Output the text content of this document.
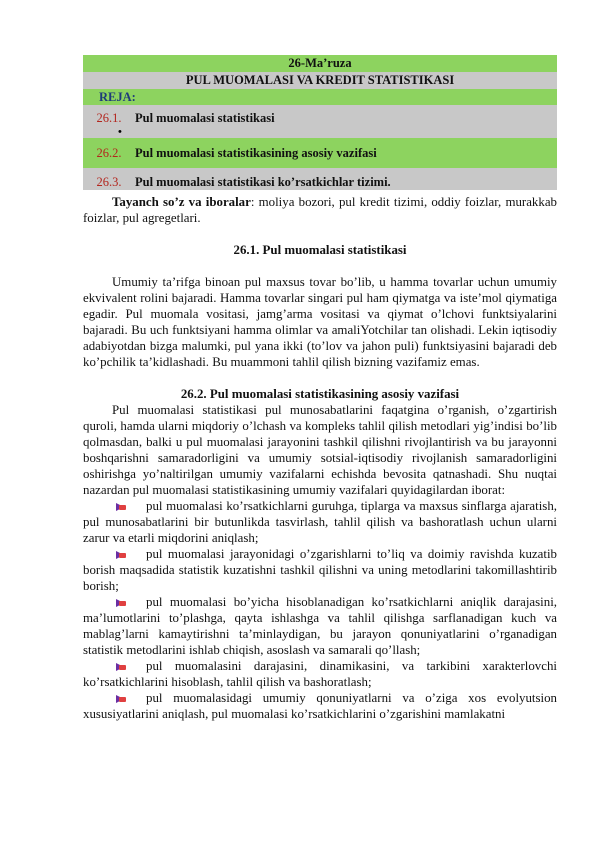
26-Ma’ruza
PUL MUOMALASI VA KREDIT STATISTIKASI
REJA:
26.1.	Pul muomalasi statistikasi
•
26.2.	Pul muomalasi statistikasining asosiy vazifasi
26.3.	Pul muomalasi statistikasi ko’rsatkichlar tizimi.

Tayanch so’z va iboralar: moliya bozori, pul kredit tizimi, oddiy foizlar, murakkab foizlar, pul agregetlari.

26.1. Pul muomalasi statistikasi

Umumiy ta’rifga binoan pul maxsus tovar bo’lib, u hamma tovarlar uchun umumiy ekvivalent rolini bajaradi. Hamma tovarlar singari pul ham qiymatga va iste’mol qiymatiga egadir. Pul muomala vositasi, jamg’arma vositasi va qiymat o’lchovi funktsiyalarini bajaradi. Bu uch funktsiyani hamma olimlar va amaliYotchilar tan olishadi. Lekin iqtisodiy adabiyotdan bizga malumki, pul yana ikki (to’lov va jahon puli) funktsiyasini bajaradi deb ko’pchilik ta’kidlashadi. Bu muammoni tahlil qilish bizning vazifamiz emas.

26.2. Pul muomalasi statistikasining asosiy vazifasi

Pul muomalasi statistikasi pul munosabatlarini faqatgina o’rganish, o’zgartirish quroli, hamda ularni miqdoriy o’lchash va kompleks tahlil qilish metodlari yig’indisi bo’lib qolmasdan, balki u pul muomalasi jarayonini tashkil qilishni rivojlantirish va bu jarayonni boshqarishni samaradorligini va umumiy sotsial-iqtisodiy rivojlanish samaradorligini oshirishga yo’naltirilgan umumiy vazifalarni echishda bevosita qatnashadi. Shu nuqtai nazardan pul muomalasi statistikasining umumiy vazifalari quyidagilardan iborat:

pul muomalasi ko’rsatkichlarni guruhga, tiplarga va maxsus sinflarga ajaratish, pul munosabatlarini bir butunlikda tasvirlash, tahlil qilish va bashoratlash uchun ularni zarur va etarli miqdorini aniqlash;

pul muomalasi jarayonidagi o’zgarishlarni to’liq va doimiy ravishda kuzatib borish maqsadida statistik kuzatishni tashkil qilishni va uning metodlarini takomillashtirib borish;

pul muomalasi bo’yicha hisoblanadigan ko’rsatkichlarni aniqlik darajasini, ma’lumotlarini to’plashga, qayta ishlashga va tahlil qilishga sarflanadigan kuch va mablag’larni kamaytirishni ta’minlaydigan, bu jarayon qonuniyatlarini o’rganadigan statistik metodlarini ishlab chiqish, asoslash va samarali qo’llash;

pul muomalasini darajasini, dinamikasini, va tarkibini xarakterlovchi ko’rsatkichlarini hisoblash, tahlil qilish va bashoratlash;

pul muomalasidagi umumiy qonuniyatlarni va o’ziga xos evolyutsion xususiyatlarini aniqlash, pul muomalasi ko’rsatkichlarini o’zgarishini mamlakatni
